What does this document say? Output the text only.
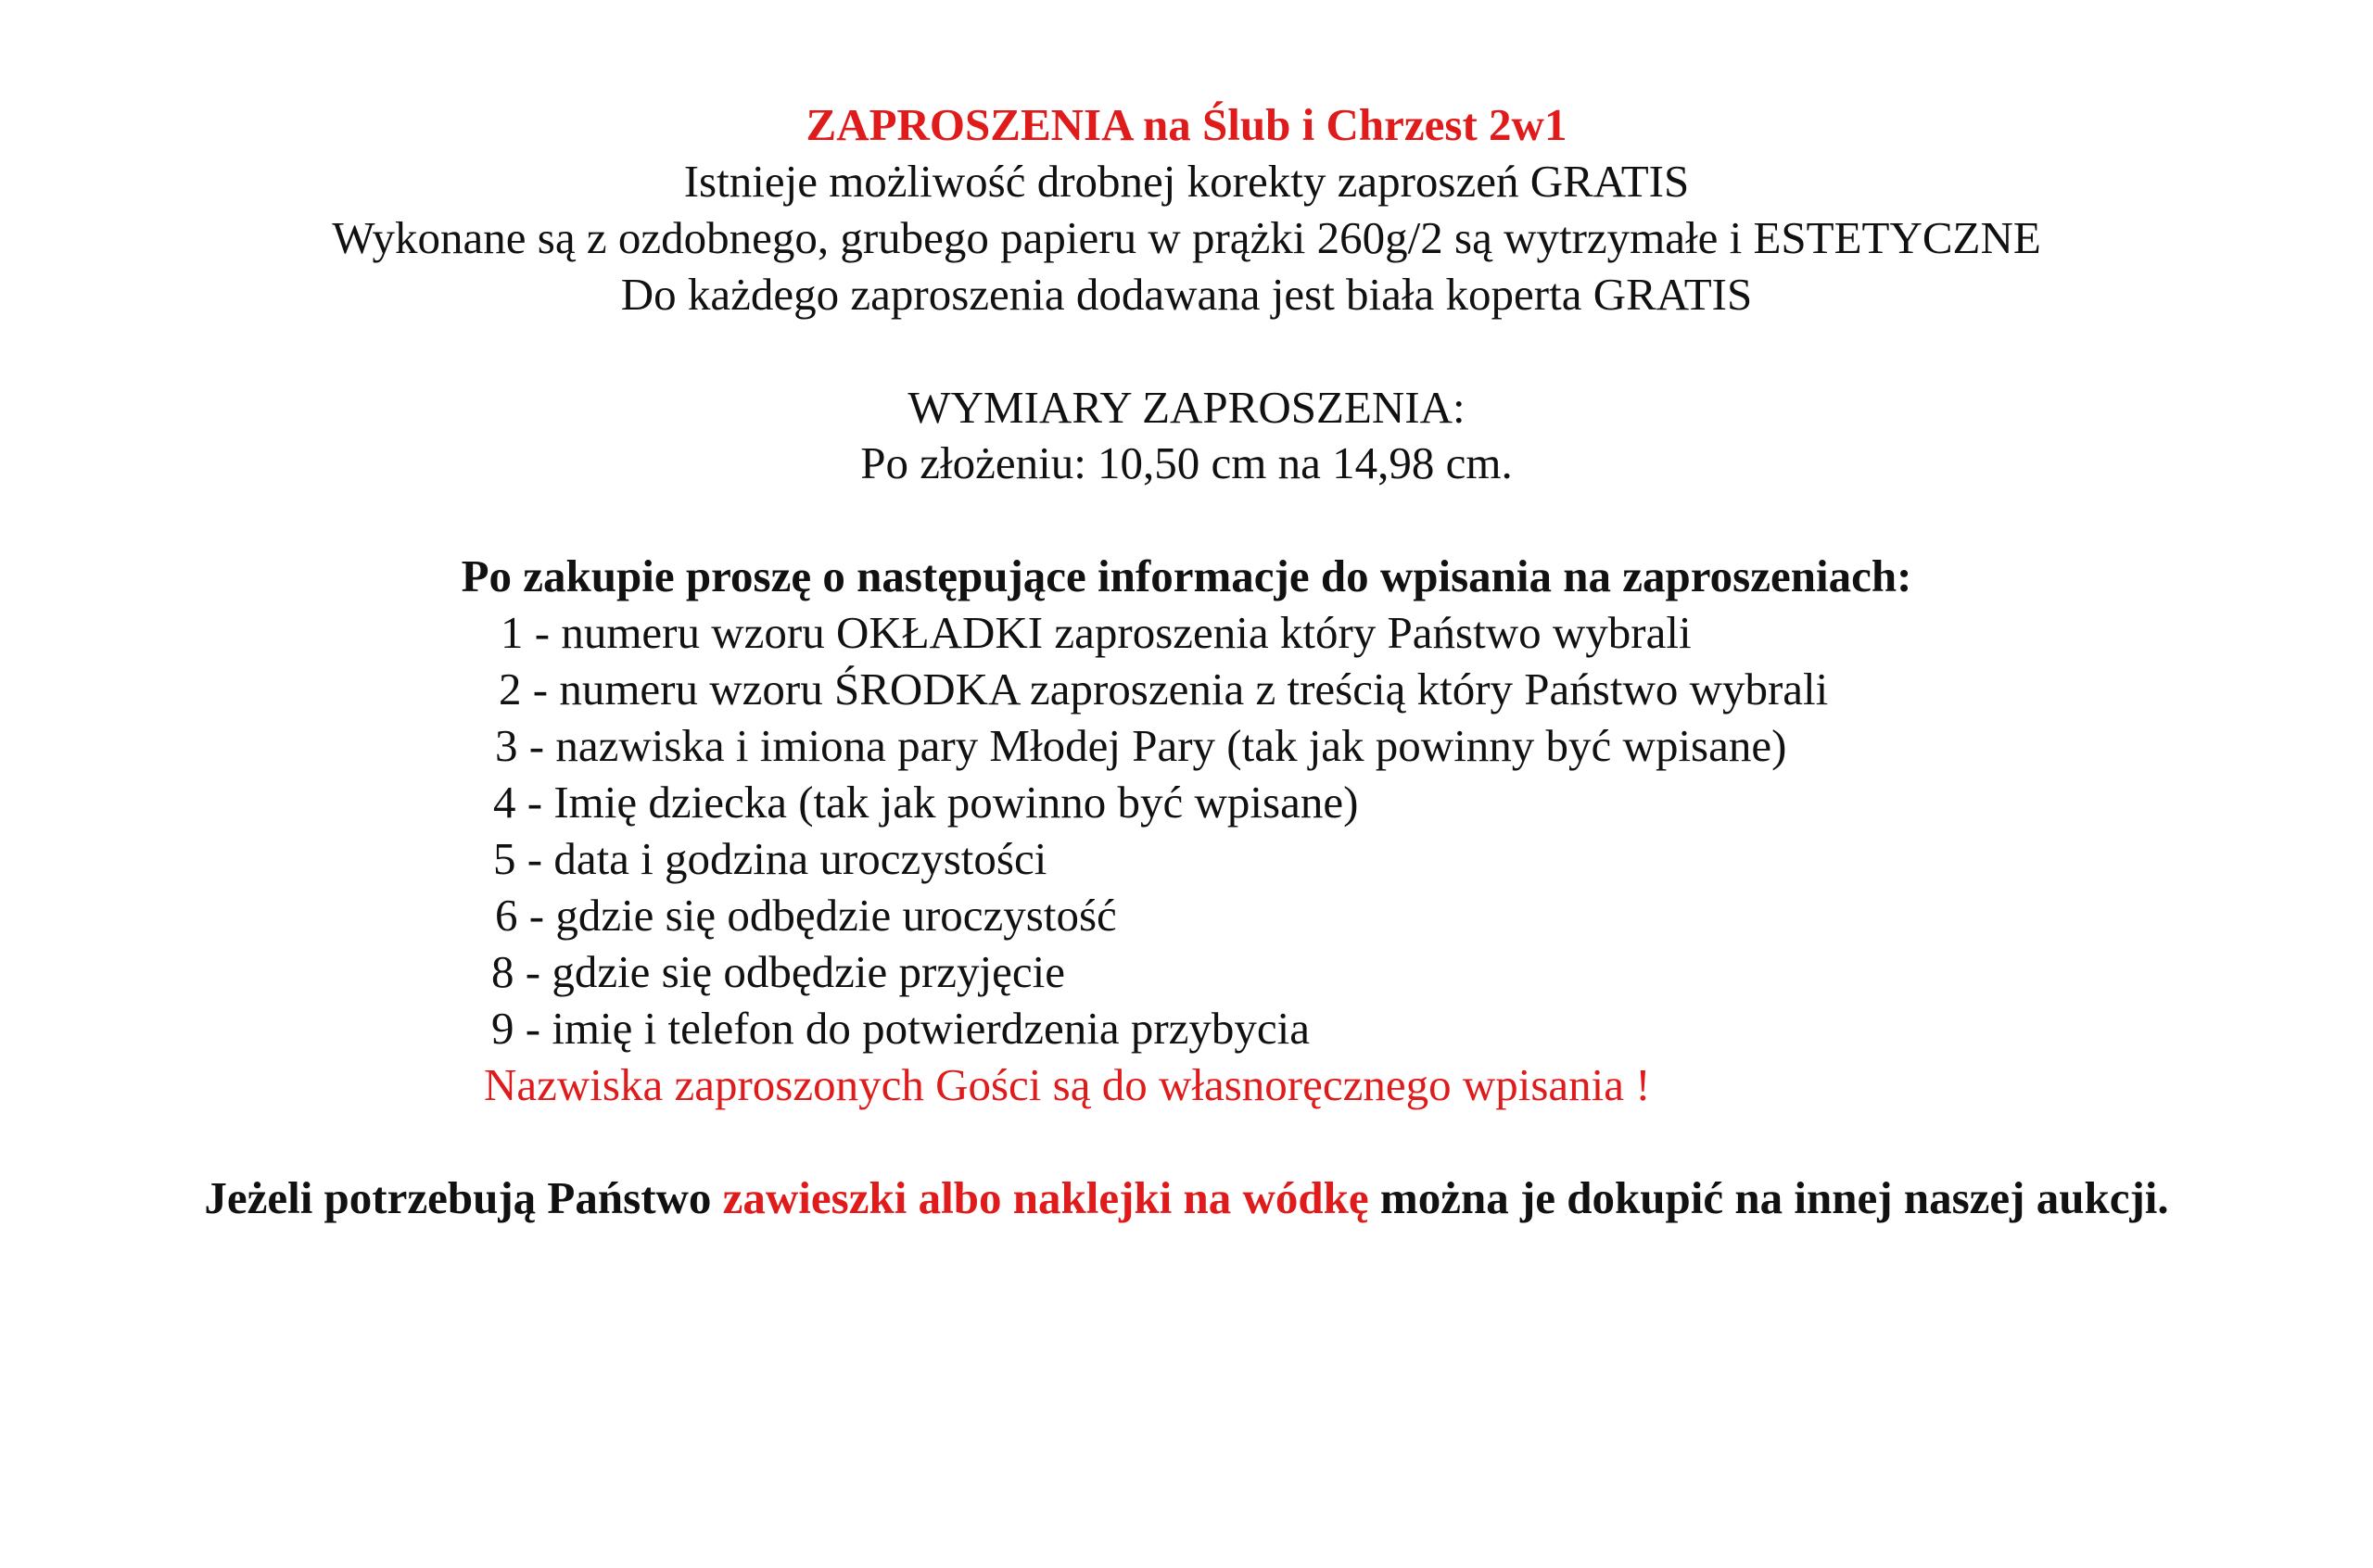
ZAPROSZENIA na Ślub i Chrzest 2w1
Istnieje możliwość drobnej korekty zaproszeń GRATIS
Wykonane są z ozdobnego, grubego papieru w prążki 260g/2 są wytrzymałe i ESTETYCZNE
Do każdego zaproszenia dodawana jest biała koperta GRATIS
WYMIARY ZAPROSZENIA:
Po złożeniu: 10,50 cm na 14,98 cm.
Po zakupie proszę o następujące informacje do wpisania na zaproszeniach:
1 - numeru wzoru OKŁADKI zaproszenia który Państwo wybrali
2 - numeru wzoru ŚRODKA zaproszenia z treścią który Państwo wybrali
3 - nazwiska i imiona pary Młodej Pary (tak jak powinny być wpisane)
4 - Imię dziecka (tak jak powinno być wpisane)
5 - data i godzina uroczystości
6 - gdzie się odbędzie uroczystość
8 - gdzie się odbędzie przyjęcie
9 - imię i telefon do potwierdzenia przybycia
Nazwiska zaproszonych Gości są do własnoręcznego wpisania !
Jeżeli potrzebują Państwo zawieszki albo naklejki na wódkę można je dokupić na innej naszej aukcji.
